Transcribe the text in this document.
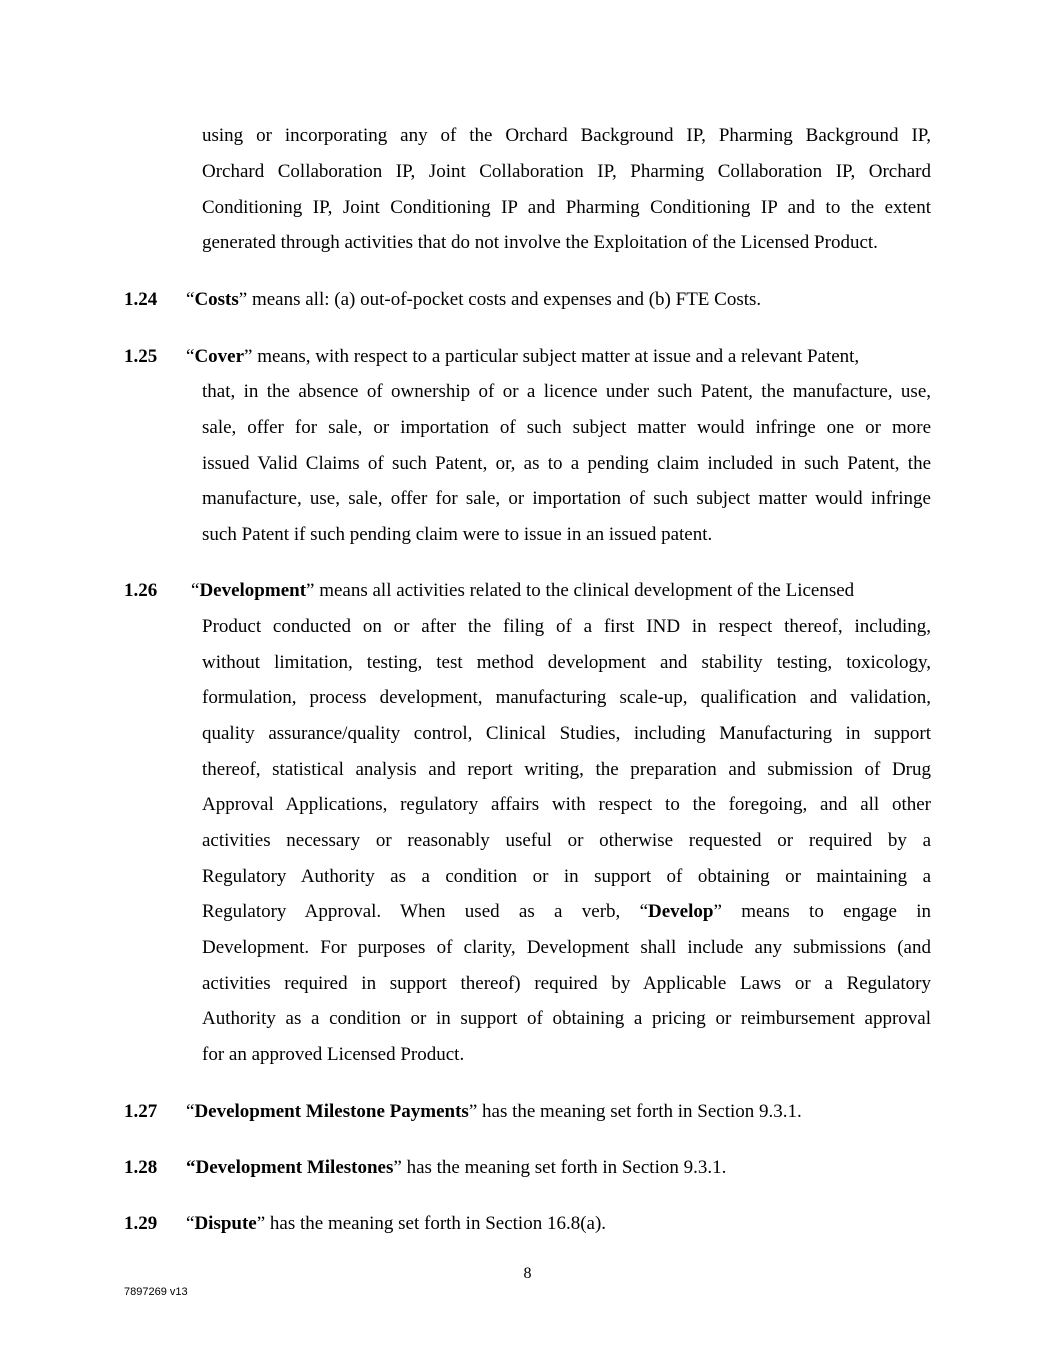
using or incorporating any of the Orchard Background IP, Pharming Background IP,
Orchard Collaboration IP, Joint Collaboration IP, Pharming Collaboration IP, Orchard
Conditioning IP, Joint Conditioning IP and Pharming Conditioning IP and to the extent
generated through activities that do not involve the Exploitation of the Licensed Product.
1.24 “Costs” means all: (a) out-of-pocket costs and expenses and (b) FTE Costs.
1.25 “Cover” means, with respect to a particular subject matter at issue and a relevant Patent,
that, in the absence of ownership of or a licence under such Patent, the manufacture, use,
sale, offer for sale, or importation of such subject matter would infringe one or more
issued Valid Claims of such Patent, or, as to a pending claim included in such Patent, the
manufacture, use, sale, offer for sale, or importation of such subject matter would infringe
such Patent if such pending claim were to issue in an issued patent.
1.26 “Development” means all activities related to the clinical development of the Licensed
Product conducted on or after the filing of a first IND in respect thereof, including,
without limitation, testing, test method development and stability testing, toxicology,
formulation, process development, manufacturing scale-up, qualification and validation,
quality assurance/quality control, Clinical Studies, including Manufacturing in support
thereof, statistical analysis and report writing, the preparation and submission of Drug
Approval Applications, regulatory affairs with respect to the foregoing, and all other
activities necessary or reasonably useful or otherwise requested or required by a
Regulatory Authority as a condition or in support of obtaining or maintaining a
Regulatory Approval. When used as a verb, “Develop” means to engage in
Development. For purposes of clarity, Development shall include any submissions (and
activities required in support thereof) required by Applicable Laws or a Regulatory
Authority as a condition or in support of obtaining a pricing or reimbursement approval
for an approved Licensed Product.
1.27 “Development Milestone Payments” has the meaning set forth in Section 9.3.1.
1.28 “Development Milestones” has the meaning set forth in Section 9.3.1.
1.29 “Dispute” has the meaning set forth in Section 16.8(a).
8
7897269 v13
